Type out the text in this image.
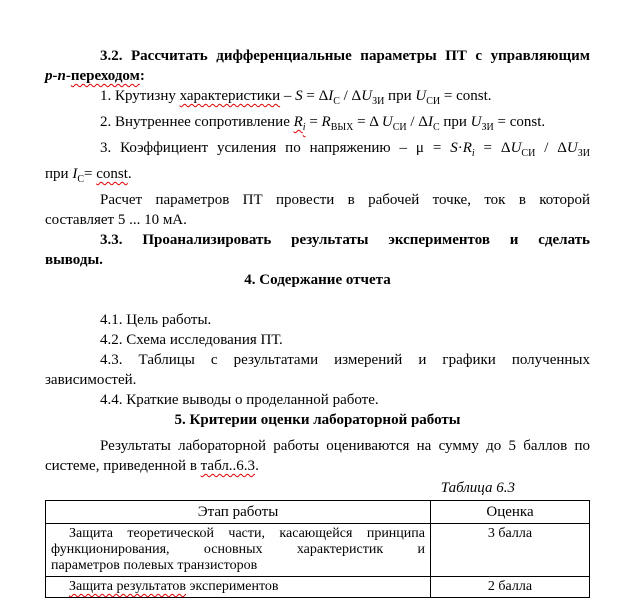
3.2. Рассчитать дифференциальные параметры ПТ с управляющим
p-n-переходом:
1. Крутизну характеристики – $S = \Delta I_С / \Delta U_{ЗИ}$ при $U_{СИ}$ = const.
2. Внутреннее сопротивление $R_i = R_{ВЫХ} = \Delta$ $U_{СИ} / \Delta I_С$ при $U_{ЗИ}$ = const.
3. Коэффициент усиления по напряжению – $\mu = S\cdot R_i = \Delta U_{СИ} / \Delta U_{ЗИ}$
при $I_С=$ const.
Расчет параметров ПТ провести в рабочей точке, ток в которой
составляет 5 ... 10 мА.
3.3. Проанализировать результаты экспериментов и сделать
выводы.
4. Содержание отчета
4.1. Цель работы.
4.2. Схема исследования ПТ.
4.3. Таблицы с результатами измерений и графики полученных
зависимостей.
4.4. Краткие выводы о проделанной работе.
5. Критерии оценки лабораторной работы
Результаты лабораторной работы оцениваются на сумму до 5 баллов по
системе, приведенной в табл..6.3.
Таблица 6.3
Этап работы	Оценка

Защита теоретической части, касающейся принципа
функционирования, основных характеристик и
параметров полевых транзисторов	3 балла

Защита результатов экспериментов	2 балла
